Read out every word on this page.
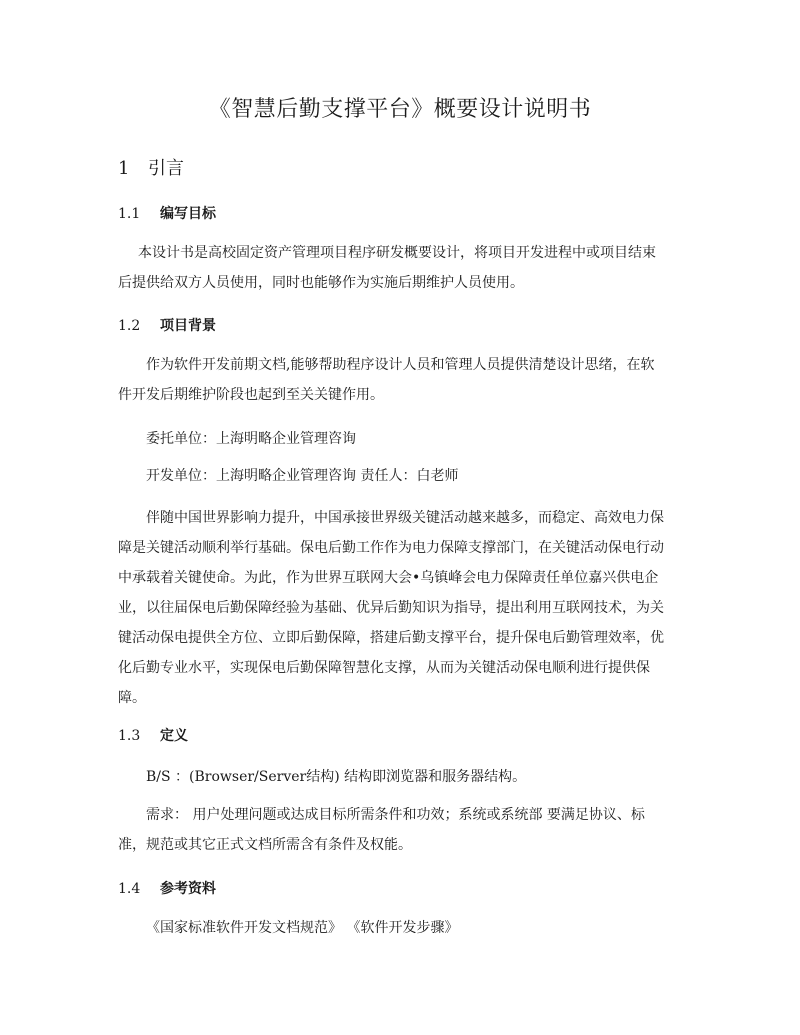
《智慧后勤支撑平台》概要设计说明书
1 引言
1.1 编写目标

本设计书是高校固定资产管理项目程序研发概要设计，将项目开发进程中或项目结束
后提供给双方人员使用，同时也能够作为实施后期维护人员使用。

1.2 项目背景

作为软件开发前期文档,能够帮助程序设计人员和管理人员提供清楚设计思绪，在软
件开发后期维护阶段也起到至关关键作用。

委托单位：上海明略企业管理咨询

开发单位：上海明略企业管理咨询 责任人：白老师

伴随中国世界影响力提升，中国承接世界级关键活动越来越多，而稳定、高效电力保
障是关键活动顺利举行基础。保电后勤工作作为电力保障支撑部门，在关键活动保电行动
中承载着关键使命。为此，作为世界互联网大会•乌镇峰会电力保障责任单位嘉兴供电企
业，以往届保电后勤保障经验为基础、优异后勤知识为指导，提出利用互联网技术，为关
键活动保电提供全方位、立即后勤保障，搭建后勤支撑平台，提升保电后勤管理效率，优
化后勤专业水平，实现保电后勤保障智慧化支撑，从而为关键活动保电顺利进行提供保
障。

1.3 定义

B/S ：(Browser/Server结构) 结构即浏览器和服务器结构。

需求： 用户处理问题或达成目标所需条件和功效；系统或系统部 要满足协议、标
准，规范或其它正式文档所需含有条件及权能。

1.4 参考资料

《国家标准软件开发文档规范》 《软件开发步骤》
